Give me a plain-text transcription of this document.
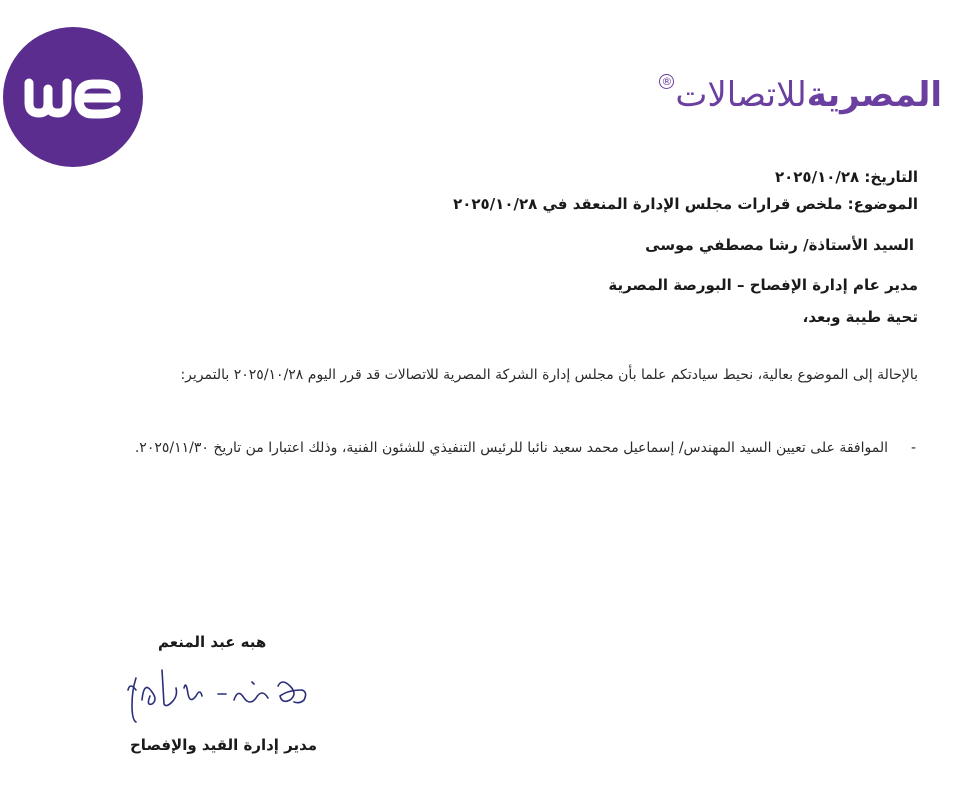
المصريةللاتصالات
®
التاريخ: ٢٠٢٥/١٠/٢٨
الموضوع: ملخص قرارات مجلس الإدارة المنعقد في ٢٠٢٥/١٠/٢٨
السيد الأستاذة/ رشا مصطفي موسى
مدير عام إدارة الإفصاح – البورصة المصرية
تحية طيبة وبعد،
بالإحالة إلى الموضوع بعالية، نحيط سيادتكم علما بأن مجلس إدارة الشركة المصرية للاتصالات قد قرر اليوم ٢٠٢٥/١٠/٢٨ بالتمرير:
-
الموافقة على تعيين السيد المهندس/ إسماعيل محمد سعيد نائبا للرئيس التنفيذي للشئون الفنية، وذلك اعتبارا من تاريخ ٢٠٢٥/١١/٣٠.
هبه عبد المنعم
مدير إدارة القيد والإفصاح
